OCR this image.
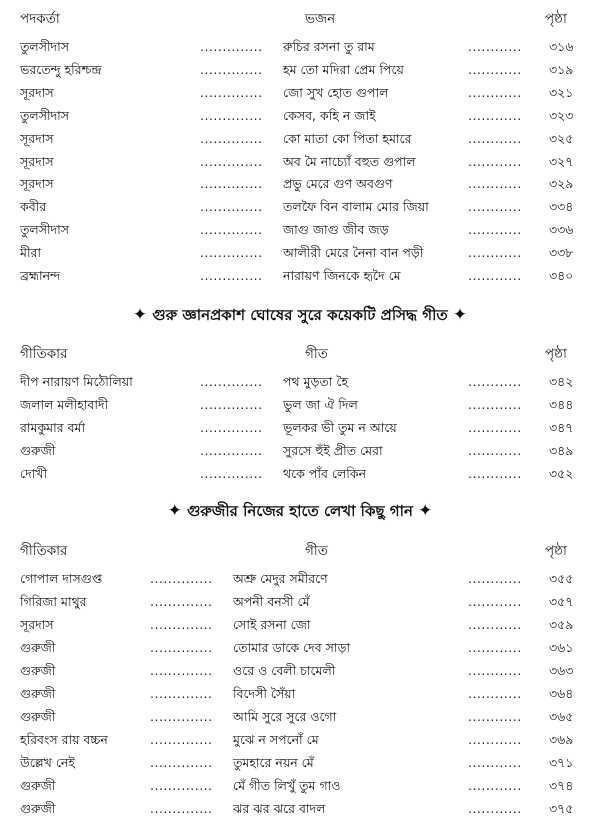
পদকর্তা	ভজন	পৃষ্ঠা
তুলসীদাস	.............. রুচির রসনা তু রাম	............ ৩১৬
ভরতেন্দু হরিশ্চন্দ্র	.............. হম তো মদিরা প্রেম পিয়ে	............ ৩১৯
সূরদাস	.............. জো সুখ হোত গুপাল	............ ৩২১
তুলসীদাস	.............. কেসব, কহি ন জাই	............ ৩২৩
সূরদাস	.............. কো মাতা কো পিতা হমারে	............ ৩২৫
সূরদাস	.............. অব মৈ নাচ্যোঁ বহুত গুপাল	............ ৩২৭
সূরদাস	.............. প্রভু মেরে গুণ অবগুণ	............ ৩২৯
কবীর	.............. তলফৈ বিন বালাম মোর জিয়া	............ ৩৩৪
তুলসীদাস	.............. জাগু জাগু জীব জড়	............ ৩৩৬
মীরা	.............. আলীরী মেরে নৈনা বান পড়ী	............ ৩৩৮
ব্রহ্মানন্দ	.............. নারায়ণ জিনকে হৃদৈ মে	............ ৩৪০
✦ গুরু জ্ঞানপ্রকাশ ঘোষের সুরে কয়েকটি প্রসিদ্ধ গীত ✦
গীতিকার	গীত	পৃষ্ঠা
দীপ নারায়ণ মিঠৌলিয়া	.............. পথ মুড়তা হৈ	............ ৩৪২
জলাল মলীহাবাদী	.............. ভুল জা ঐ দিল	............ ৩৪৪
রামকুমার বর্মা	.............. ভূলকর ভী তুম ন আয়ে	............ ৩৪৭
গুরুজী	.............. সুরসে হুঁই প্রীত মেরা	............ ৩৪৯
দোখী	.............. থকে পাঁব লেকিন	............ ৩৫২
✦ গুরুজীর নিজের হাতে লেখা কিছু গান ✦
গীতিকার	গীত	পৃষ্ঠা
গোপাল দাসগুপ্ত	.............. অশ্রু মেদুর সমীরণে	............ ৩৫৫
গিরিজা মাথুর	.............. অপনী বনসী মেঁ	............ ৩৫৭
সূরদাস	.............. সোই রসনা জো	............ ৩৫৯
গুরুজী	.............. তোমার ডাকে দেব সাড়া	............ ৩৬১
গুরুজী	.............. ওরে ও বেলী চামেলী	............ ৩৬৩
গুরুজী	.............. বিদেসী সৈঁয়া	............ ৩৬৪
গুরুজী	.............. আমি সুরে সুরে ওগো	............ ৩৬৫
হরিবংস রায় বচ্চন	.............. মুঝে ন সপনোঁ মে	............ ৩৬৯
উল্লেখ নেই	.............. তুমহারে নয়ন মেঁ	............ ৩৭১
গুরুজী	.............. মেঁ গীত লিখুঁ তুম গাও	............ ৩৭৪
গুরুজী	.............. ঝর ঝর ঝরে বাদল	............ ৩৭৫
